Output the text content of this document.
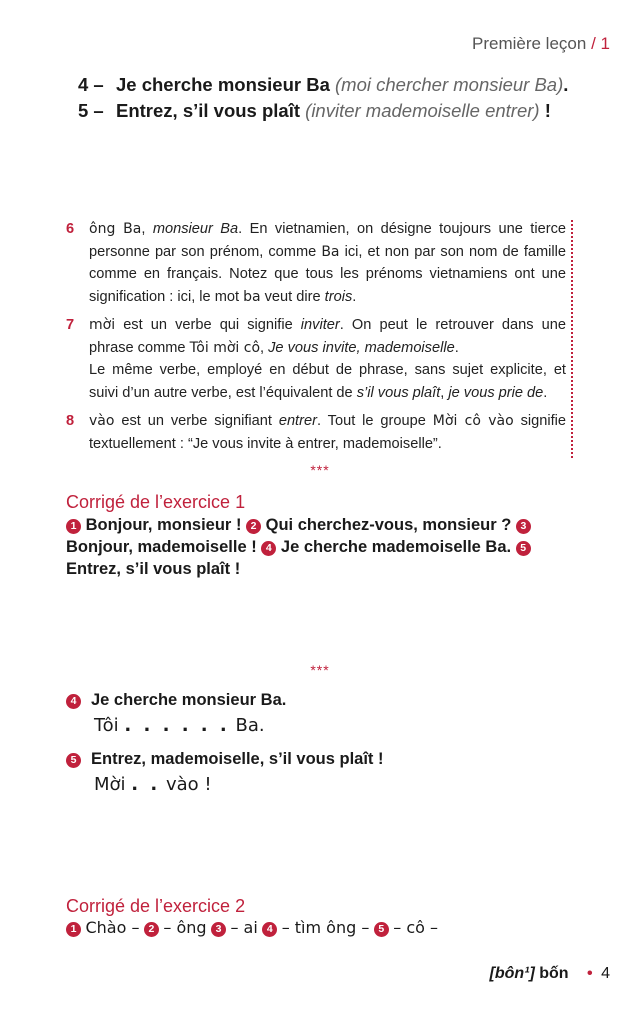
Première leçon / 1
4 – Je cherche monsieur Ba (moi chercher monsieur Ba).
5 – Entrez, s’il vous plaît (inviter mademoiselle entrer) !
6 ông Ba, monsieur Ba. En vietnamien, on désigne toujours une tierce personne par son prénom, comme Ba ici, et non par son nom de famille comme en français. Notez que tous les prénoms vietnamiens ont une signification : ici, le mot ba veut dire trois.

7 mời est un verbe qui signifie inviter. On peut le retrouver dans une phrase comme Tôi mời cô, Je vous invite, mademoiselle.

Le même verbe, employé en début de phrase, sans sujet explicite, et suivi d’un autre verbe, est l’équivalent de s’il vous plaît, je vous prie de.

8 vào est un verbe signifiant entrer. Tout le groupe Mời cô vào signifie textuellement : “Je vous invite à entrer, mademoiselle”.

***
Corrigé de l’exercice 1
1 Bonjour, monsieur ! 2 Qui cherchez-vous, monsieur ? 3 Bonjour, mademoiselle ! 4 Je cherche mademoiselle Ba. 5 Entrez, s’il vous plaît !
***
4 Je cherche monsieur Ba.
Tôi . . . . . . Ba.
5 Entrez, mademoiselle, s’il vous plaît !
Mời . . vào !
Corrigé de l’exercice 2
1 Chào – 2 – ông 3 – ai 4 – tìm ông – 5 – cô –
[bôn¹] bốn • 4
